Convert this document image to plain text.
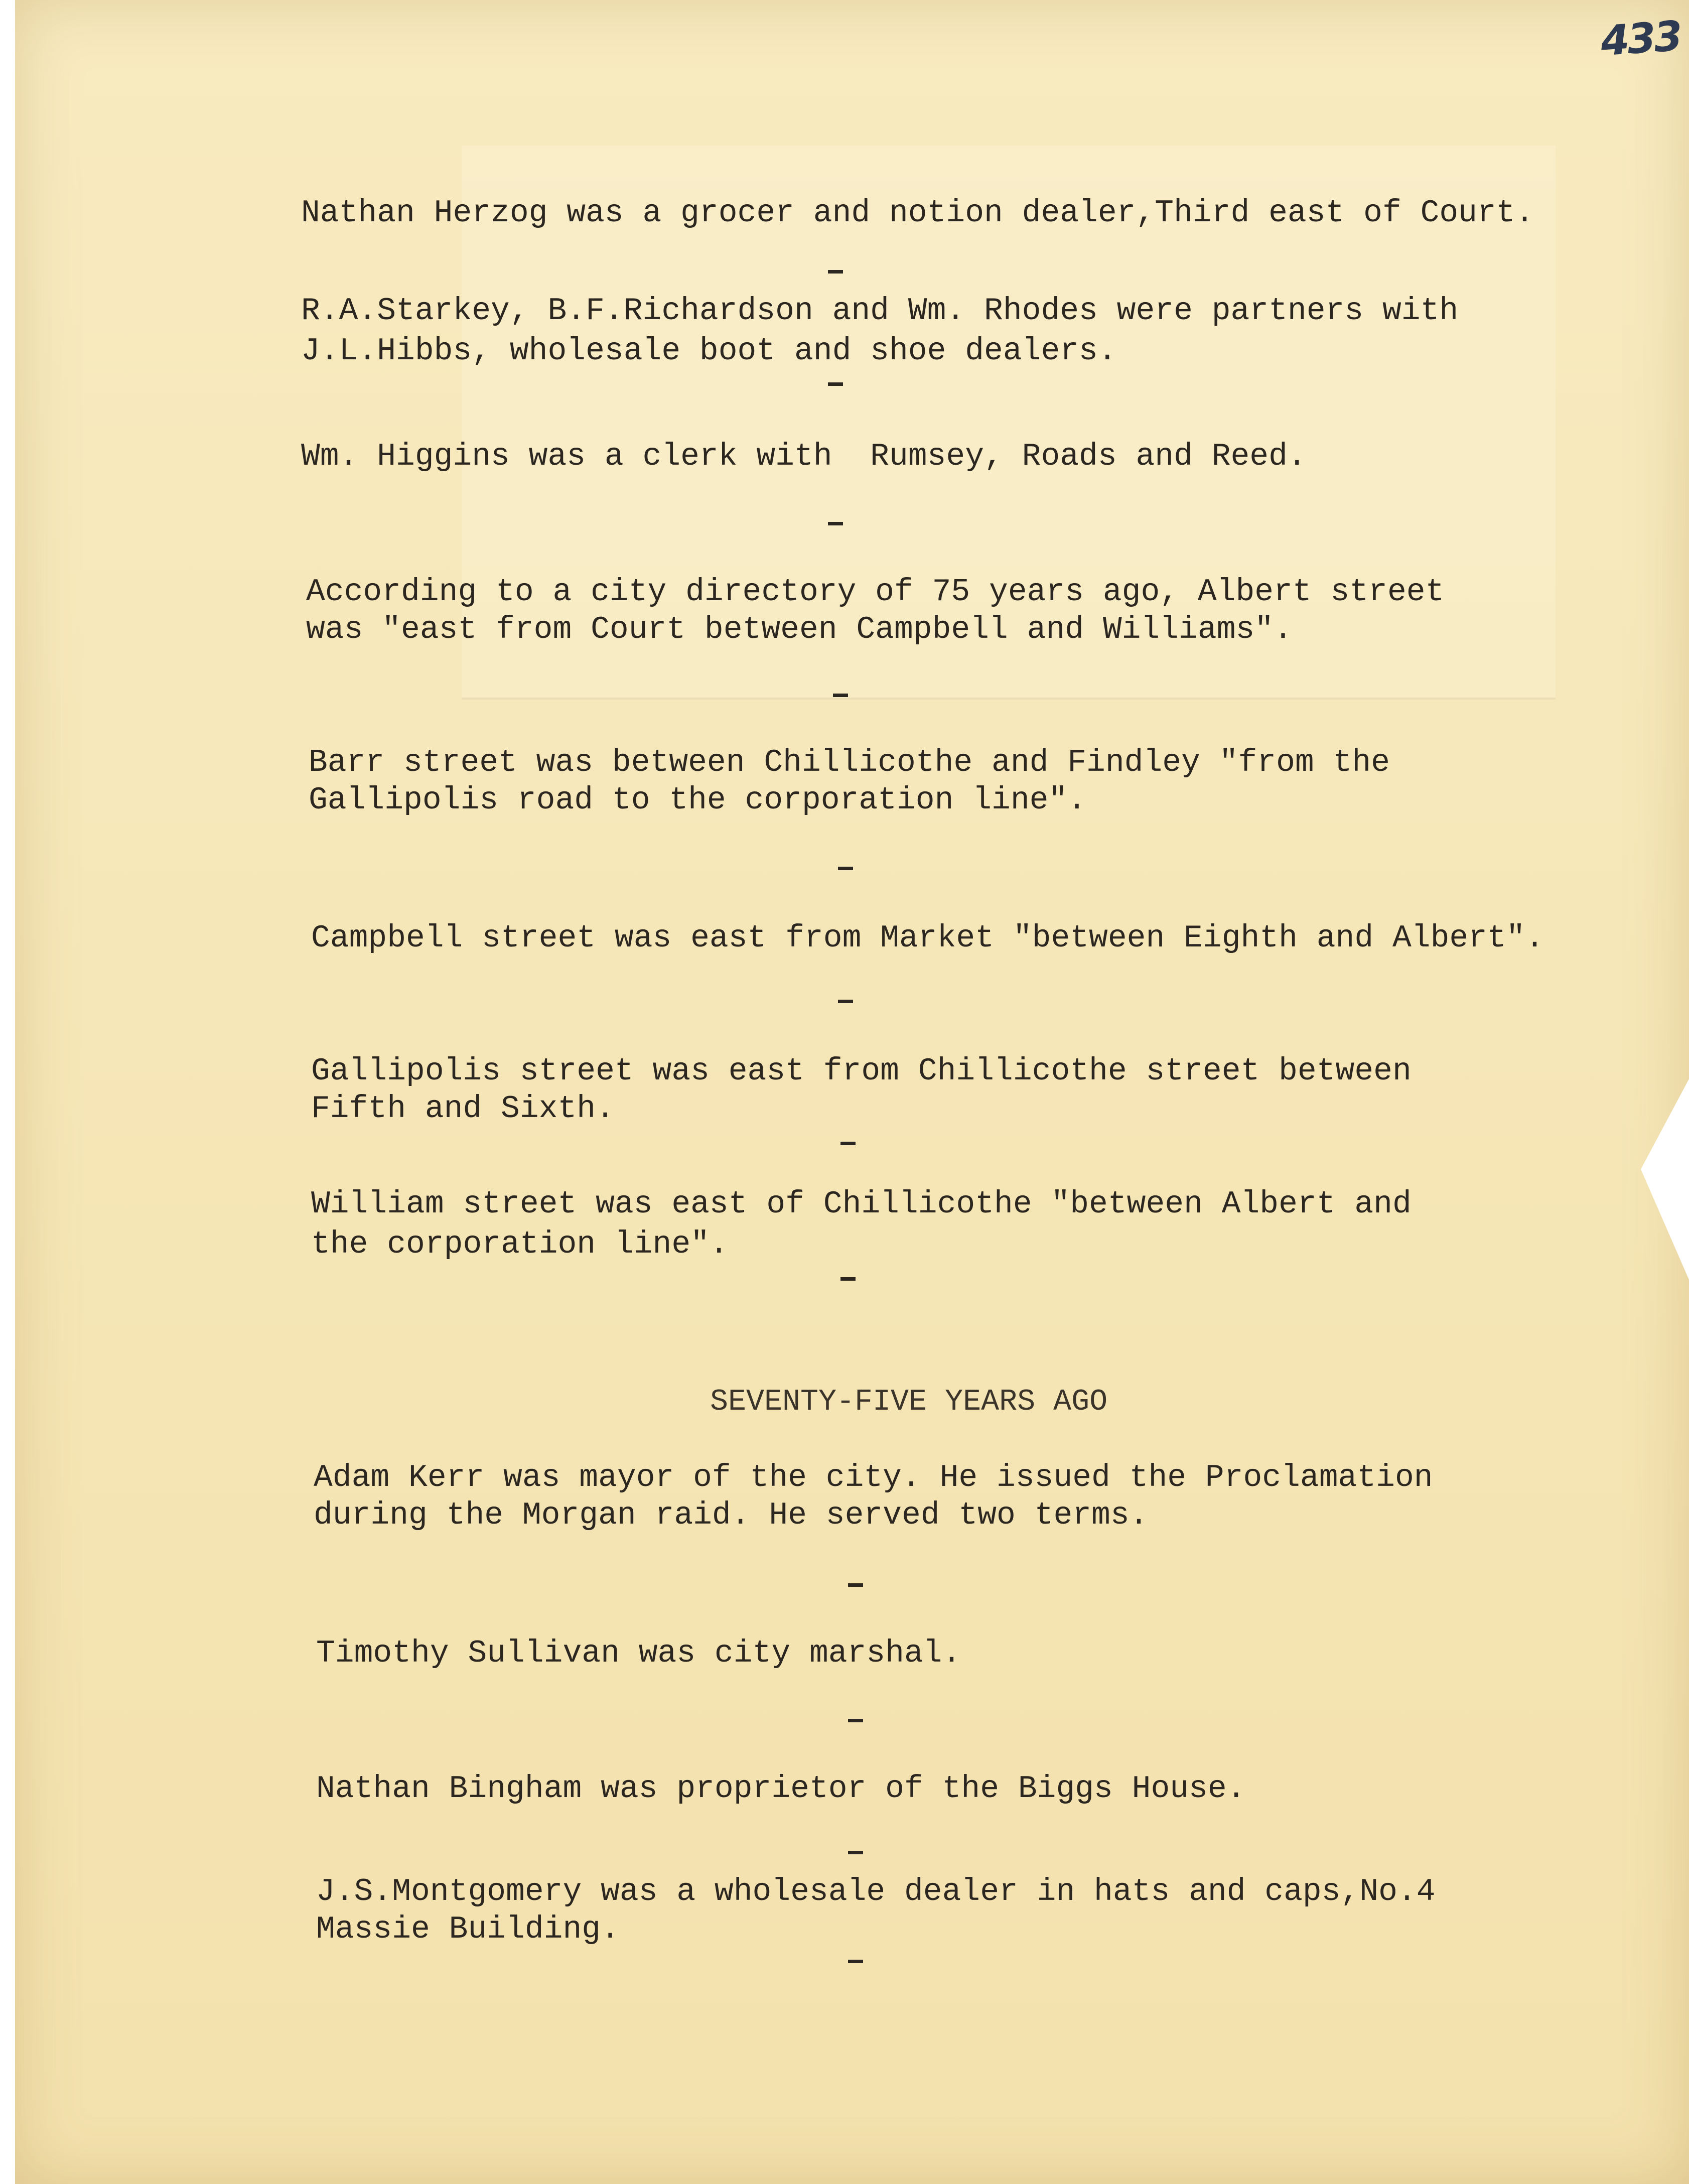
433

Nathan Herzog was a grocer and notion dealer,Third east of Court.

R.A.Starkey, B.F.Richardson and Wm. Rhodes were partners with

J.L.Hibbs, wholesale boot and shoe dealers.

Wm. Higgins was a clerk with  Rumsey, Roads and Reed.

According to a city directory of 75 years ago, Albert street

was "east from Court between Campbell and Williams".

Barr street was between Chillicothe and Findley "from the

Gallipolis road to the corporation line".

Campbell street was east from Market "between Eighth and Albert".

Gallipolis street was east from Chillicothe street between

Fifth and Sixth.

William street was east of Chillicothe "between Albert and

the corporation line".

SEVENTY-FIVE YEARS AGO

Adam Kerr was mayor of the city. He issued the Proclamation

during the Morgan raid. He served two terms.

Timothy Sullivan was city marshal.

Nathan Bingham was proprietor of the Biggs House.

J.S.Montgomery was a wholesale dealer in hats and caps,No.4

Massie Building.
